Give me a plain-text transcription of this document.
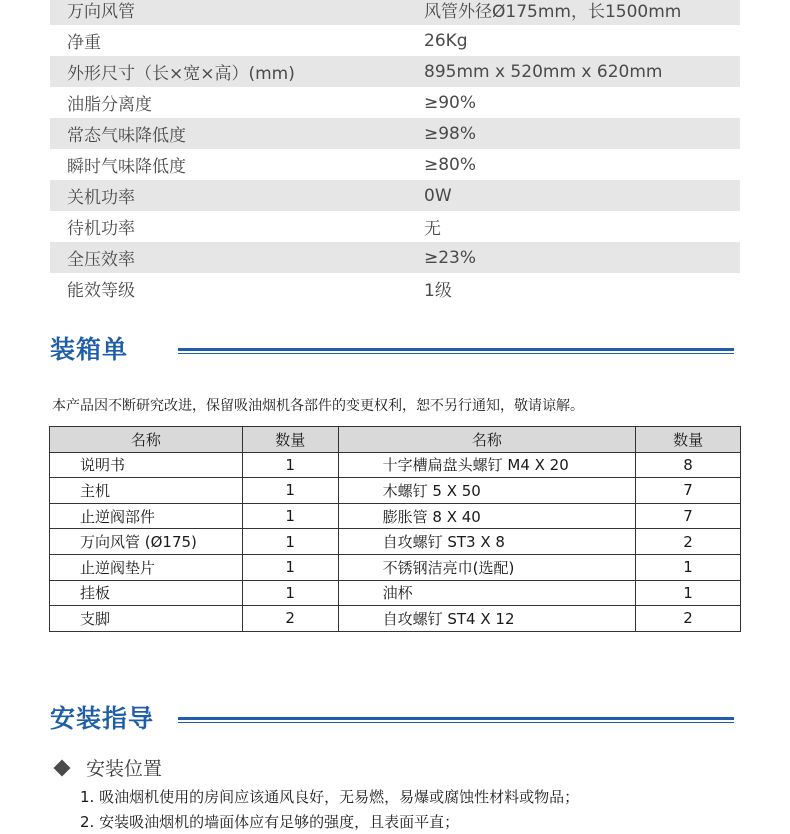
万向风管	风管外径Ø175mm，长1500mm
净重	26Kg
外形尺寸（长×宽×高）(mm)	895mm x 520mm x 620mm
油脂分离度	≥90%
常态气味降低度	≥98%
瞬时气味降低度	≥80%
关机功率	0W
待机功率	无
全压效率	≥23%
能效等级	1级
装箱单
本产品因不断研究改进，保留吸油烟机各部件的变更权利，恕不另行通知，敬请谅解。
名称	数量	名称	数量
说明书	1	十字槽扁盘头螺钉 M4 X 20	8
主机	1	木螺钉 5 X 50	7
止逆阀部件	1	膨胀管 8 X 40	7
万向风管 (Ø175)	1	自攻螺钉 ST3 X 8	2
止逆阀垫片	1	不锈钢洁亮巾(选配)	1
挂板	1	油杯	1
支脚	2	自攻螺钉 ST4 X 12	2
安装指导
安装位置
1. 吸油烟机使用的房间应该通风良好，无易燃，易爆或腐蚀性材料或物品；
2. 安装吸油烟机的墙面体应有足够的强度，且表面平直；
